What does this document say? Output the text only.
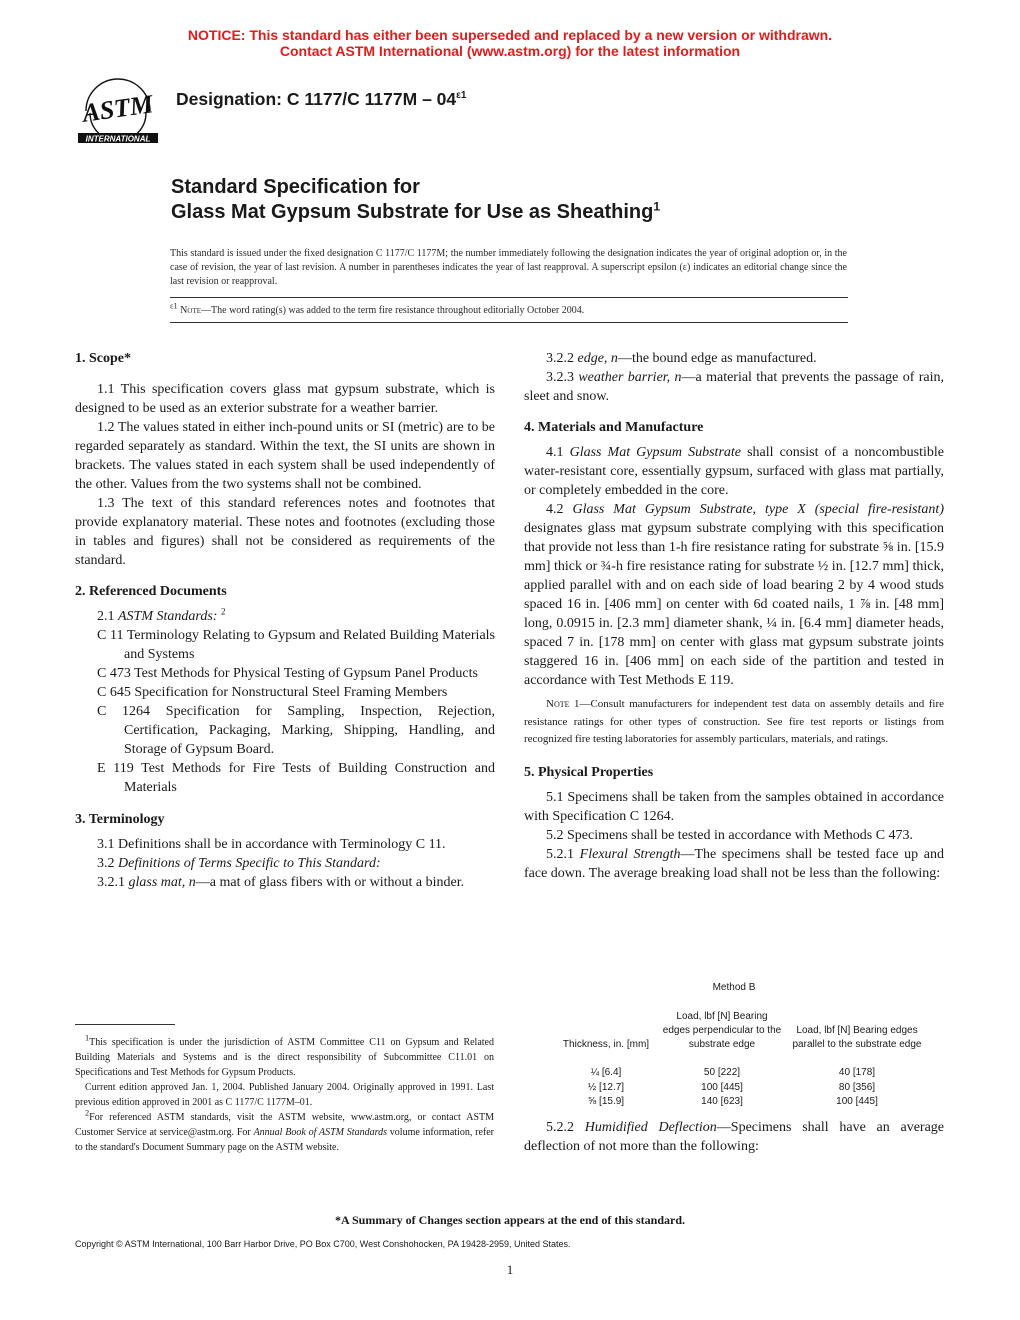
NOTICE: This standard has either been superseded and replaced by a new version or withdrawn.
Contact ASTM International (www.astm.org) for the latest information
ASTM
INTERNATIONAL
Designation: C 1177/C $1177M - 04^{\varepsilon 1}$
Standard Specification for
Glass Mat Gypsum Substrate for Use as Sheathing$^1$
This standard is issued under the fixed designation C 1177/C 1177M; the number immediately following the designation indicates the year of original adoption or, in the case of revision, the year of last revision. A number in parentheses indicates the year of last reapproval. A superscript epsilon (ε) indicates an editorial change since the last revision or reapproval.
$^{\varepsilon 1}$ Note—The word rating(s) was added to the term fire resistance throughout editorially October 2004.
1. Scope*

1.1 This specification covers glass mat gypsum substrate, which is designed to be used as an exterior substrate for a weather barrier.

1.2 The values stated in either inch-pound units or SI (metric) are to be regarded separately as standard. Within the text, the SI units are shown in brackets. The values stated in each system shall be used independently of the other. Values from the two systems shall not be combined.

1.3 The text of this standard references notes and footnotes that provide explanatory material. These notes and footnotes (excluding those in tables and figures) shall not be considered as requirements of the standard.

2. Referenced Documents

2.1 ASTM Standards: $^2$

C 11 Terminology Relating to Gypsum and Related Building Materials and Systems

C 473 Test Methods for Physical Testing of Gypsum Panel Products

C 645 Specification for Nonstructural Steel Framing Members

C 1264 Specification for Sampling, Inspection, Rejection, Certification, Packaging, Marking, Shipping, Handling, and Storage of Gypsum Board.

E 119 Test Methods for Fire Tests of Building Construction and Materials

3. Terminology

3.1 Definitions shall be in accordance with Terminology C 11.

3.2 Definitions of Terms Specific to This Standard:

3.2.1 glass mat, n—a mat of glass fibers with or without a binder.

$^1$This specification is under the jurisdiction of ASTM Committee C11 on Gypsum and Related Building Materials and Systems and is the direct responsibility of Subcommittee C11.01 on Specifications and Test Methods for Gypsum Products.

Current edition approved Jan. 1, 2004. Published January 2004. Originally approved in 1991. Last previous edition approved in 2001 as C 1177/C 1177M–01.

$^2$For referenced ASTM standards, visit the ASTM website, www.astm.org, or contact ASTM Customer Service at service@astm.org. For Annual Book of ASTM Standards volume information, refer to the standard's Document Summary page on the ASTM website.

3.2.2 edge, n—the bound edge as manufactured.

3.2.3 weather barrier, n—a material that prevents the passage of rain, sleet and snow.

4. Materials and Manufacture

4.1 Glass Mat Gypsum Substrate shall consist of a noncombustible water-resistant core, essentially gypsum, surfaced with glass mat partially, or completely embedded in the core.

4.2 Glass Mat Gypsum Substrate, type X (special fire-resistant) designates glass mat gypsum substrate complying with this specification that provide not less than 1-h fire resistance rating for substrate ⅝ in. [15.9 mm] thick or ¾-h fire resistance rating for substrate ½ in. [12.7 mm] thick, applied parallel with and on each side of load bearing 2 by 4 wood studs spaced 16 in. [406 mm] on center with 6d coated nails, 1 ⅞ in. [48 mm] long, 0.0915 in. [2.3 mm] diameter shank, ¼ in. [6.4 mm] diameter heads, spaced 7 in. [178 mm] on center with glass mat gypsum substrate joints staggered 16 in. [406 mm] on each side of the partition and tested in accordance with Test Methods E 119.

Note 1—Consult manufacturers for independent test data on assembly details and fire resistance ratings for other types of construction. See fire test reports or listings from recognized fire testing laboratories for assembly particulars, materials, and ratings.

5. Physical Properties

5.1 Specimens shall be taken from the samples obtained in accordance with Specification C 1264.

5.2 Specimens shall be tested in accordance with Methods C 473.

5.2.1 Flexural Strength—The specimens shall be tested face up and face down. The average breaking load shall not be less than the following:

Method B
Thickness, in. [mm]	Load, lbf [N] Bearing edges perpendicular to the substrate edge	Load, lbf [N] Bearing edges parallel to the substrate edge

¼ [6.4]	50 [222]	40 [178]
½ [12.7]	100 [445]	80 [356]
⅝ [15.9]	140 [623]	100 [445]
5.2.2 Humidified Deflection—Specimens shall have an average deflection of not more than the following:
*A Summary of Changes section appears at the end of this standard.
Copyright © ASTM International, 100 Barr Harbor Drive, PO Box C700, West Conshohocken, PA 19428-2959, United States.
1
